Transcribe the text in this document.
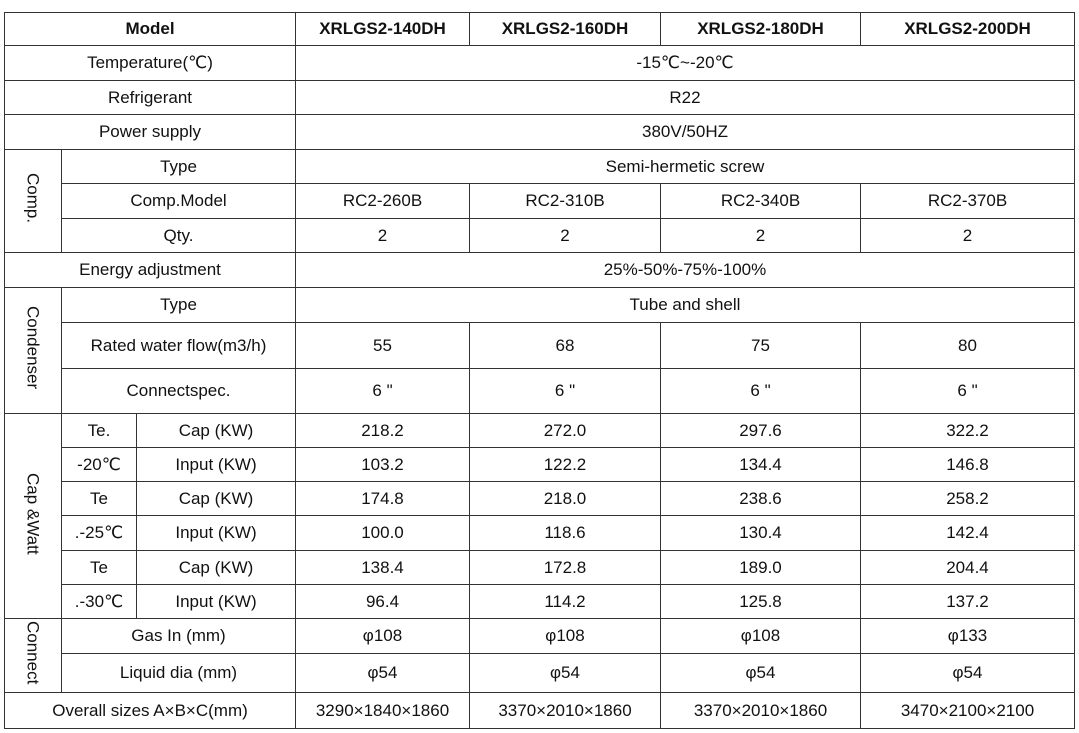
Model			XRLGS2-140DH	XRLGS2-160DH	XRLGS2-180DH	XRLGS2-200DH
Temperature(℃)			-15℃~-20℃			
Refrigerant			R22			
Power supply			380V/50HZ			
Comp.	Type		Semi-hermetic screw			
	Comp.Model		RC2-260B	RC2-310B	RC2-340B	RC2-370B
	Qty.		2	2	2	2
Energy adjustment			25%-50%-75%-100%			
Condenser	Type		Tube and shell			
	Rated water flow(m3/h)		55	68	75	80
	Connectspec.		6 "	6 "	6 "	6 "
Cap &Watt	Te.	Cap (KW)	218.2	272.0	297.6	322.2
	-20℃	Input (KW)	103.2	122.2	134.4	146.8
	Te	Cap (KW)	174.8	218.0	238.6	258.2
	.-25℃	Input (KW)	100.0	118.6	130.4	142.4
	Te	Cap (KW)	138.4	172.8	189.0	204.4
	.-30℃	Input (KW)	96.4	114.2	125.8	137.2
Connect	Gas In (mm)		φ108	φ108	φ108	φ133
	Liquid dia (mm)		φ54	φ54	φ54	φ54
Overall sizes A×B×C(mm)			3290×1840×1860	3370×2010×1860	3370×2010×1860	3470×2100×2100
